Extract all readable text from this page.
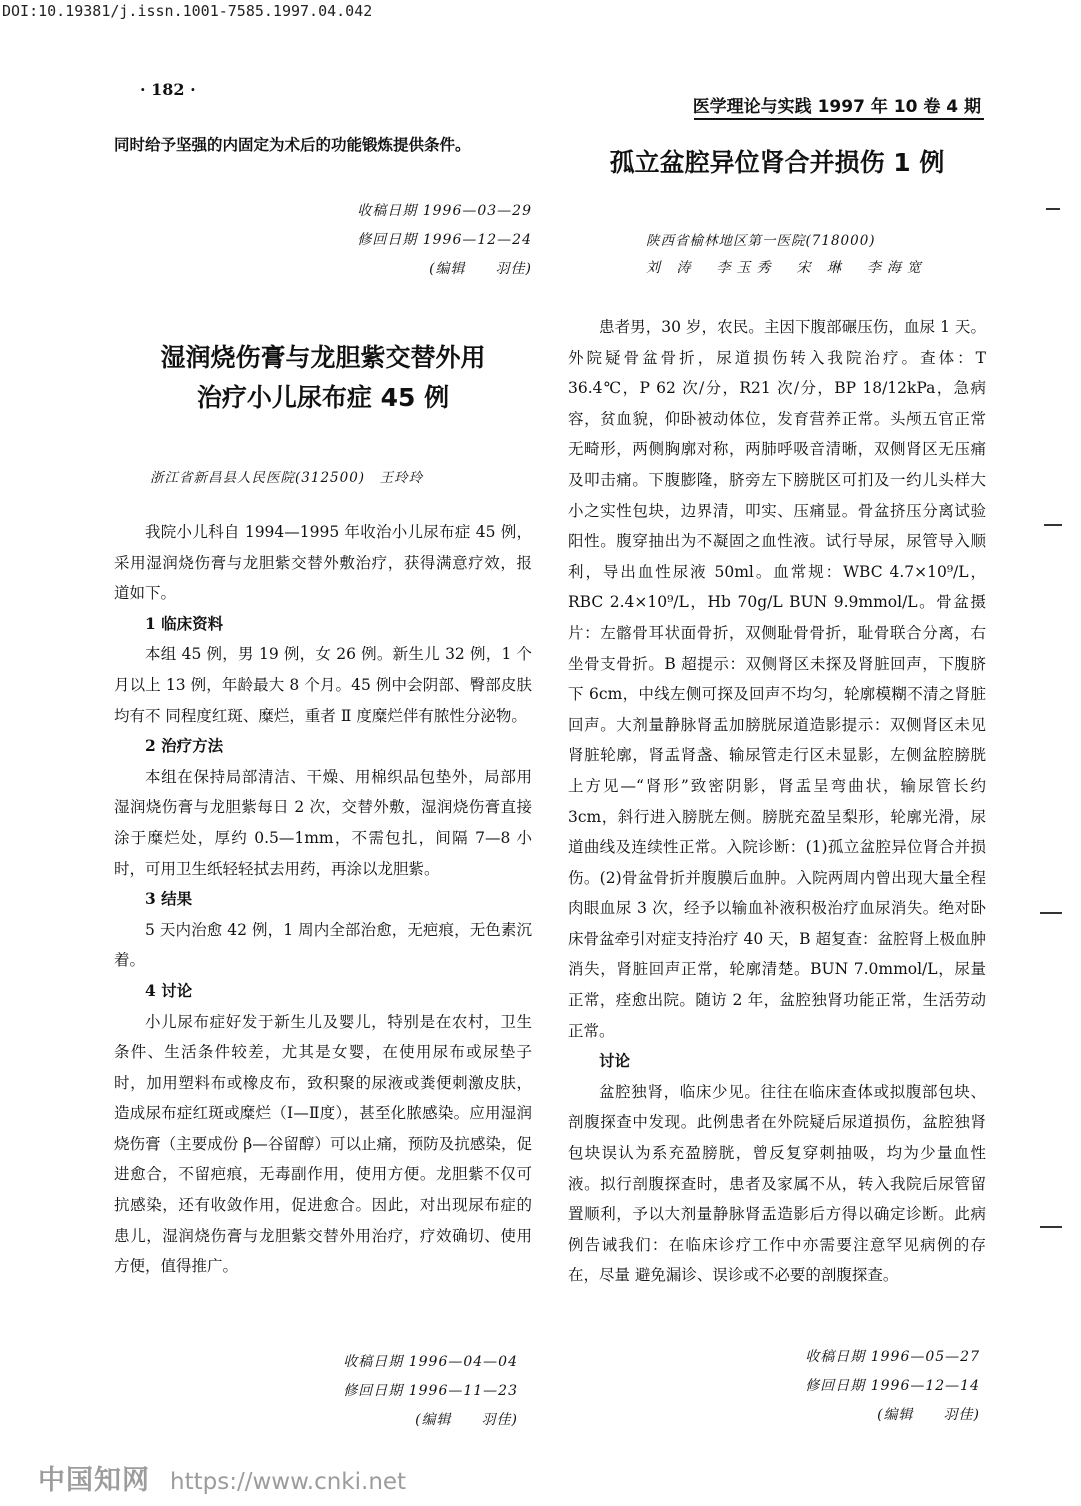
DOI:10.19381/j.issn.1001-7585.1997.04.042
· 182 ·
医学理论与实践 1997 年 10 卷 4 期

同时给予坚强的内固定为术后的功能锻炼提供条件。

收稿日期 1996—03—29
修回日期 1996—12—24
(编辑　　羽佳)
湿润烧伤膏与龙胆紫交替外用
治疗小儿尿布症 45 例
浙江省新昌县人民医院(312500)　王玲玲

我院小儿科自 1994—1995 年收治小儿尿布症 45 例，采用湿润烧伤膏与龙胆紫交替外敷治疗，获得满意疗效，报道如下。

1 临床资料

本组 45 例，男 19 例，女 26 例。新生儿 32 例，1 个月以上 13 例，年龄最大 8 个月。45 例中会阴部、臀部皮肤均有不 同程度红斑、糜烂，重者 Ⅱ 度糜烂伴有脓性分泌物。

2 治疗方法

本组在保持局部清洁、干燥、用棉织品包垫外，局部用湿润烧伤膏与龙胆紫每日 2 次，交替外敷，湿润烧伤膏直接涂于糜烂处，厚约 0.5—1mm，不需包扎，间隔 7—8 小时，可用卫生纸轻轻拭去用药，再涂以龙胆紫。

3 结果

5 天内治愈 42 例，1 周内全部治愈，无疤痕，无色素沉着。

4 讨论

小儿尿布症好发于新生儿及婴儿，特别是在农村，卫生条件、生活条件较差，尤其是女婴，在使用尿布或尿垫子时，加用塑料布或橡皮布，致积聚的尿液或粪便刺激皮肤，造成尿布症红斑或糜烂（Ⅰ—Ⅱ度），甚至化脓感染。应用湿润烧伤膏（主要成份 β—谷留醇）可以止痛，预防及抗感染，促进愈合，不留疤痕，无毒副作用，使用方便。龙胆紫不仅可抗感染，还有收敛作用，促进愈合。因此，对出现尿布症的患儿，湿润烧伤膏与龙胆紫交替外用治疗，疗效确切、使用方便，值得推广。

收稿日期 1996—04—04
修回日期 1996—11—23
(编辑　　羽佳)
孤立盆腔异位肾合并损伤 1 例
陕西省榆林地区第一医院(718000)
刘 涛　李玉秀　宋 琳　李海宽

患者男，30 岁，农民。主因下腹部碾压伤，血尿 1 天。外院疑骨盆骨折，尿道损伤转入我院治疗。查体：T 36.4℃，P 62 次/分，R21 次/分，BP 18/12kPa，急病容，贫血貌，仰卧被动体位，发育营养正常。头颅五官正常无畸形，两侧胸廓对称，两肺呼吸音清晰，双侧肾区无压痛及叩击痛。下腹膨隆，脐旁左下膀胱区可扪及一约儿头样大小之实性包块，边界清，叩实、压痛显。骨盆挤压分离试验阳性。腹穿抽出为不凝固之血性液。试行导尿，尿管导入顺利，导出血性尿液 50ml。血常规：WBC 4.7×10⁹/L，RBC 2.4×10⁹/L，Hb 70g/L BUN 9.9mmol/L。骨盆摄片：左髂骨耳状面骨折，双侧耻骨骨折，耻骨联合分离，右坐骨支骨折。B 超提示：双侧肾区未探及肾脏回声，下腹脐下 6cm，中线左侧可探及回声不均匀，轮廓模糊不清之肾脏回声。大剂量静脉肾盂加膀胱尿道造影提示：双侧肾区未见肾脏轮廓，肾盂肾盏、输尿管走行区未显影，左侧盆腔膀胱上方见—“肾形”致密阴影，肾盂呈弯曲状，输尿管长约 3cm，斜行进入膀胱左侧。膀胱充盈呈梨形，轮廓光滑，尿道曲线及连续性正常。入院诊断：(1)孤立盆腔异位肾合并损伤。(2)骨盆骨折并腹膜后血肿。入院两周内曾出现大量全程肉眼血尿 3 次，经予以输血补液积极治疗血尿消失。绝对卧床骨盆牵引对症支持治疗 40 天，B 超复查：盆腔肾上极血肿消失，肾脏回声正常，轮廓清楚。BUN 7.0mmol/L，尿量正常，痊愈出院。随访 2 年，盆腔独肾功能正常，生活劳动正常。

讨论

盆腔独肾，临床少见。往往在临床查体或拟腹部包块、剖腹探查中发现。此例患者在外院疑后尿道损伤，盆腔独肾包块误认为系充盈膀胱，曾反复穿刺抽吸，均为少量血性液。拟行剖腹探查时，患者及家属不从，转入我院后尿管留置顺利，予以大剂量静脉肾盂造影后方得以确定诊断。此病例告诫我们：在临床诊疗工作中亦需要注意罕见病例的存在，尽量 避免漏诊、误诊或不必要的剖腹探查。

收稿日期 1996—05—27
修回日期 1996—12—14
(编辑　　羽佳)
中国知网 https://www.cnki.net
